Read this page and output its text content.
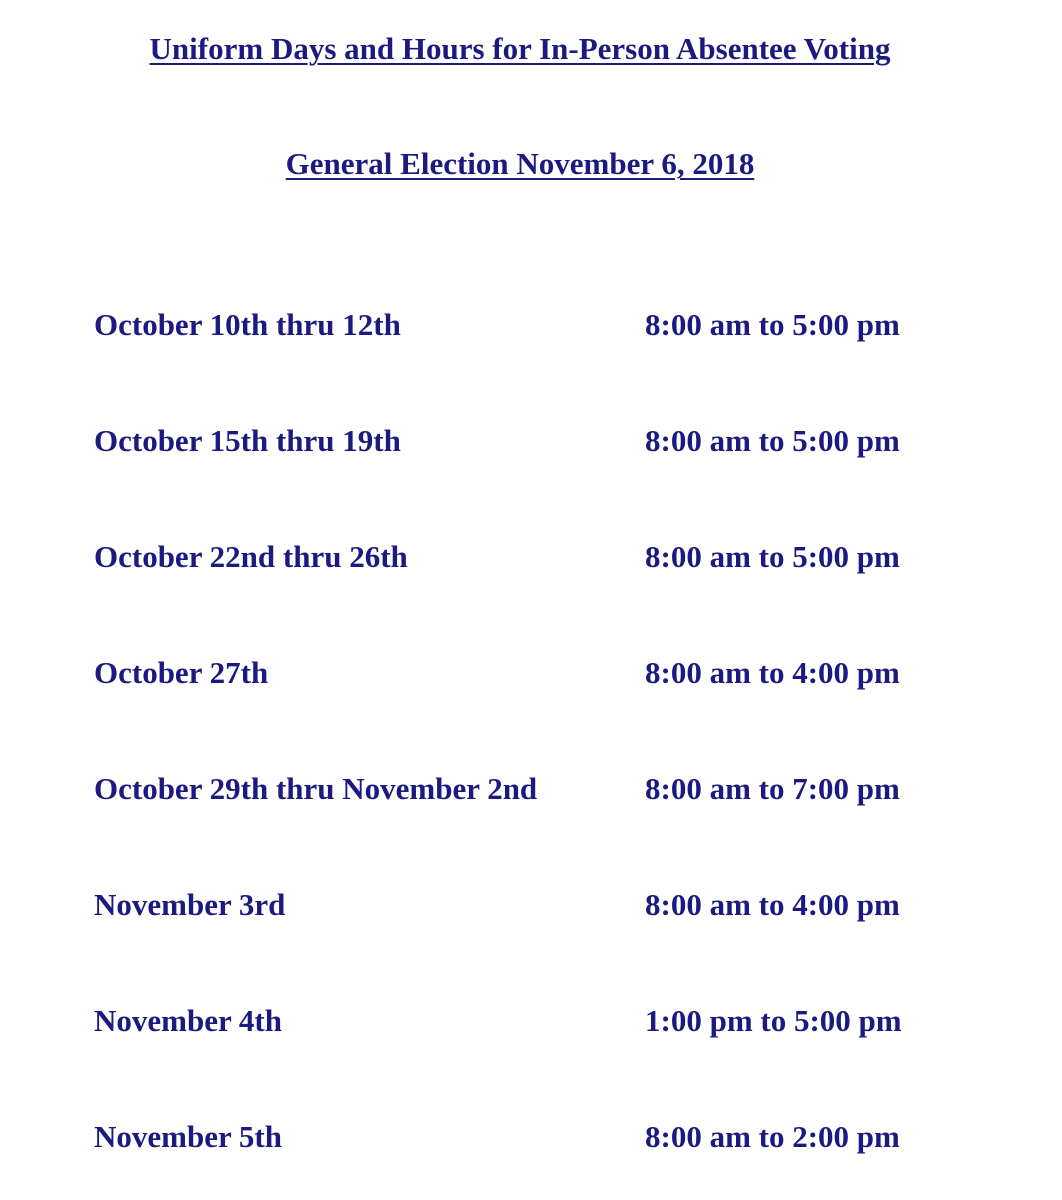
Uniform Days and Hours for In-Person Absentee Voting
General Election November 6, 2018
October 10th thru 12th	8:00 am to 5:00 pm
October 15th thru 19th	8:00 am to 5:00 pm
October 22nd thru 26th	8:00 am to 5:00 pm
October 27th	8:00 am to 4:00 pm
October 29th thru November 2nd	8:00 am to 7:00 pm
November 3rd	8:00 am to 4:00 pm
November 4th	1:00 pm to 5:00 pm
November 5th	8:00 am to 2:00 pm
